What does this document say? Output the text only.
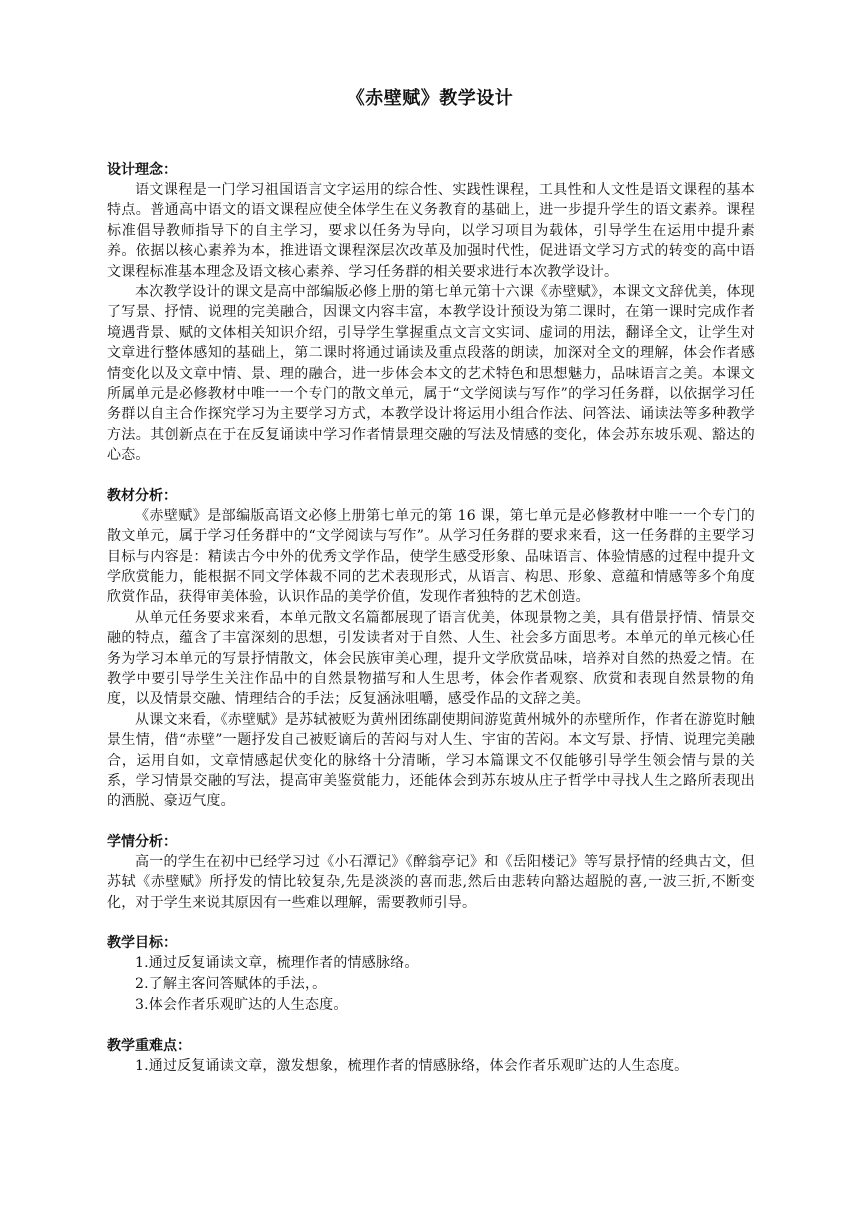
《赤壁赋》教学设计

设计理念：

语文课程是一门学习祖国语言文字运用的综合性、实践性课程，工具性和人文性是语文课程的基本特点。普通高中语文的语文课程应使全体学生在义务教育的基础上，进一步提升学生的语文素养。课程标准倡导教师指导下的自主学习，要求以任务为导向，以学习项目为载体，引导学生在运用中提升素养。依据以核心素养为本，推进语文课程深层次改革及加强时代性，促进语文学习方式的转变的高中语文课程标准基本理念及语文核心素养、学习任务群的相关要求进行本次教学设计。

本次教学设计的课文是高中部编版必修上册的第七单元第十六课《赤壁赋》，本课文文辞优美，体现了写景、抒情、说理的完美融合，因课文内容丰富，本教学设计预设为第二课时，在第一课时完成作者境遇背景、赋的文体相关知识介绍，引导学生掌握重点文言文实词、虚词的用法，翻译全文，让学生对文章进行整体感知的基础上，第二课时将通过诵读及重点段落的朗读，加深对全文的理解，体会作者感情变化以及文章中情、景、理的融合，进一步体会本文的艺术特色和思想魅力，品味语言之美。本课文所属单元是必修教材中唯一一个专门的散文单元，属于“文学阅读与写作”的学习任务群，以依据学习任务群以自主合作探究学习为主要学习方式，本教学设计将运用小组合作法、问答法、诵读法等多种教学方法。其创新点在于在反复诵读中学习作者情景理交融的写法及情感的变化，体会苏东坡乐观、豁达的心态。

教材分析：

《赤壁赋》是部编版高语文必修上册第七单元的第 16 课，第七单元是必修教材中唯一一个专门的散文单元，属于学习任务群中的“文学阅读与写作”。从学习任务群的要求来看，这一任务群的主要学习目标与内容是：精读古今中外的优秀文学作品，使学生感受形象、品味语言、体验情感的过程中提升文学欣赏能力，能根据不同文学体裁不同的艺术表现形式，从语言、构思、形象、意蕴和情感等多个角度欣赏作品，获得审美体验，认识作品的美学价值，发现作者独特的艺术创造。

从单元任务要求来看，本单元散文名篇都展现了语言优美，体现景物之美，具有借景抒情、情景交融的特点，蕴含了丰富深刻的思想，引发读者对于自然、人生、社会多方面思考。本单元的单元核心任务为学习本单元的写景抒情散文，体会民族审美心理，提升文学欣赏品味，培养对自然的热爱之情。在教学中要引导学生关注作品中的自然景物描写和人生思考，体会作者观察、欣赏和表现自然景物的角度，以及情景交融、情理结合的手法；反复涵泳咀嚼，感受作品的文辞之美。

从课文来看，《赤壁赋》是苏轼被贬为黄州团练副使期间游览黄州城外的赤壁所作，作者在游览时触景生情，借“赤壁”一题抒发自己被贬谪后的苦闷与对人生、宇宙的苦闷。本文写景、抒情、说理完美融合，运用自如，文章情感起伏变化的脉络十分清晰，学习本篇课文不仅能够引导学生领会情与景的关系，学习情景交融的写法，提高审美鉴赏能力，还能体会到苏东坡从庄子哲学中寻找人生之路所表现出的洒脱、豪迈气度。

学情分析：

高一的学生在初中已经学习过《小石潭记》《醉翁亭记》和《岳阳楼记》等写景抒情的经典古文，但苏轼《赤壁赋》所抒发的情比较复杂,先是淡淡的喜而悲,然后由悲转向豁达超脱的喜,一波三折,不断变化，对于学生来说其原因有一些难以理解，需要教师引导。

教学目标：

1.通过反复诵读文章，梳理作者的情感脉络。

2.了解主客问答赋体的手法，。

3.体会作者乐观旷达的人生态度。

教学重难点：

1.通过反复诵读文章，激发想象，梳理作者的情感脉络，体会作者乐观旷达的人生态度。
